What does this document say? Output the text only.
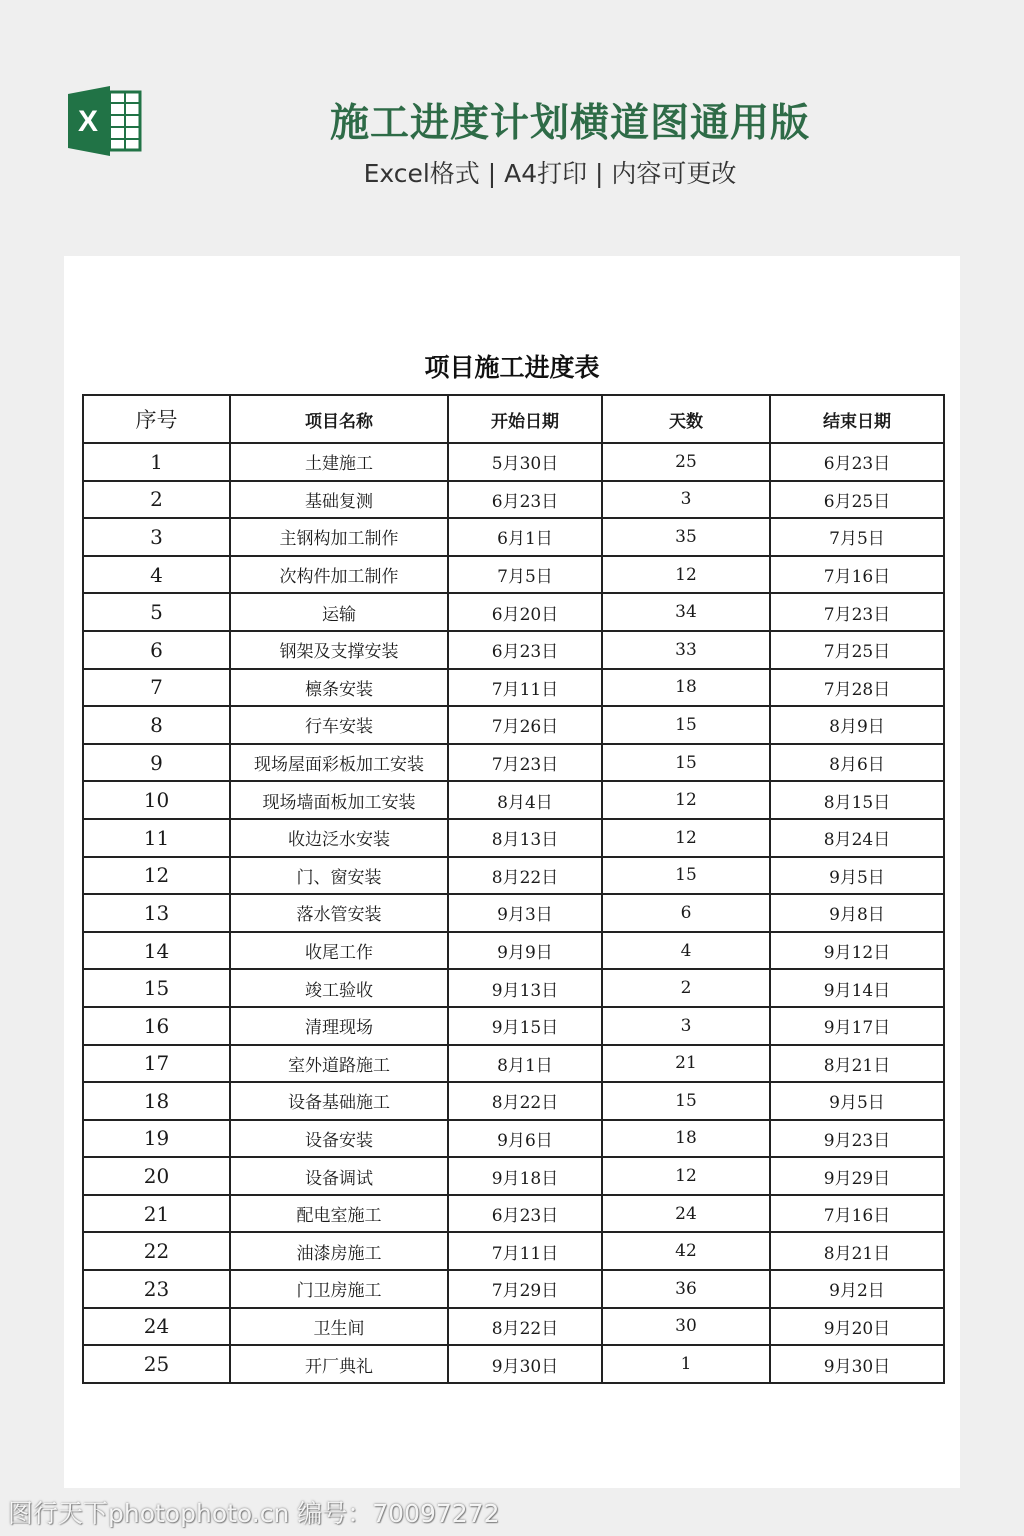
X	施工进度计划横道图通用版
Excel格式 | A4打印 | 内容可更改
项目施工进度表
序号	项目名称	开始日期	天数	结束日期
1	土建施工	5月30日	25	6月23日
2	基础复测	6月23日	3	6月25日
3	主钢构加工制作	6月1日	35	7月5日
4	次构件加工制作	7月5日	12	7月16日
5	运输	6月20日	34	7月23日
6	钢架及支撑安装	6月23日	33	7月25日
7	檩条安装	7月11日	18	7月28日
8	行车安装	7月26日	15	8月9日
9	现场屋面彩板加工安装	7月23日	15	8月6日
10	现场墙面板加工安装	8月4日	12	8月15日
11	收边泛水安装	8月13日	12	8月24日
12	门、窗安装	8月22日	15	9月5日
13	落水管安装	9月3日	6	9月8日
14	收尾工作	9月9日	4	9月12日
15	竣工验收	9月13日	2	9月14日
16	清理现场	9月15日	3	9月17日
17	室外道路施工	8月1日	21	8月21日
18	设备基础施工	8月22日	15	9月5日
19	设备安装	9月6日	18	9月23日
20	设备调试	9月18日	12	9月29日
21	配电室施工	6月23日	24	7月16日
22	油漆房施工	7月11日	42	8月21日
23	门卫房施工	7月29日	36	9月2日
24	卫生间	8月22日	30	9月20日
25	开厂典礼	9月30日	1	9月30日
图行天下photophoto.cn 编号：70097272
